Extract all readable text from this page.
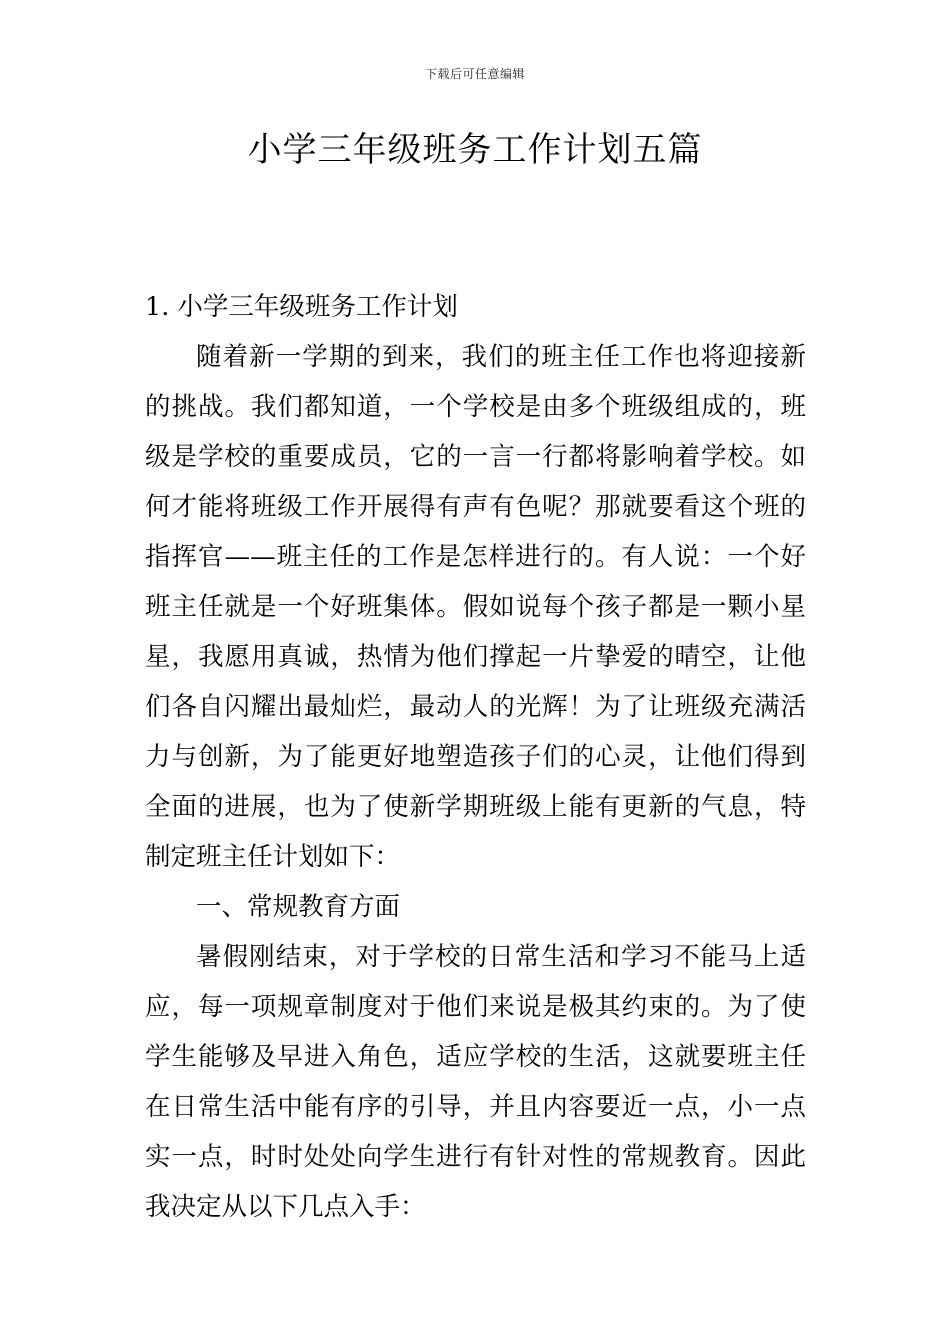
下载后可任意编辑
小学三年级班务工作计划五篇

1. 小学三年级班务工作计划

随着新一学期的到来，我们的班主任工作也将迎接新的挑战。我们都知道，一个学校是由多个班级组成的，班级是学校的重要成员，它的一言一行都将影响着学校。如何才能将班级工作开展得有声有色呢？那就要看这个班的指挥官——班主任的工作是怎样进行的。有人说：一个好班主任就是一个好班集体。假如说每个孩子都是一颗小星星，我愿用真诚，热情为他们撑起一片挚爱的晴空，让他们各自闪耀出最灿烂，最动人的光辉！为了让班级充满活力与创新，为了能更好地塑造孩子们的心灵，让他们得到全面的进展，也为了使新学期班级上能有更新的气息，特制定班主任计划如下：

一、常规教育方面

暑假刚结束，对于学校的日常生活和学习不能马上适应，每一项规章制度对于他们来说是极其约束的。为了使学生能够及早进入角色，适应学校的生活，这就要班主任在日常生活中能有序的引导，并且内容要近一点，小一点实一点，时时处处向学生进行有针对性的常规教育。因此我决定从以下几点入手：
